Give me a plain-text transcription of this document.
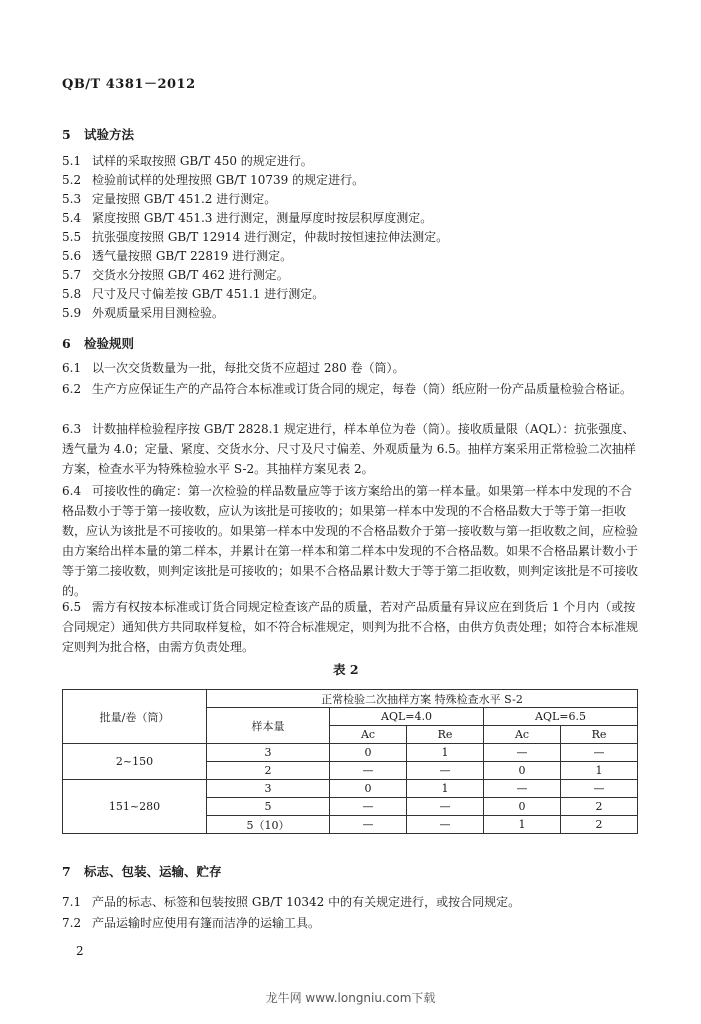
QB/T 4381－2012
5 试验方法
5.1 试样的采取按照 GB/T 450 的规定进行。
5.2 检验前试样的处理按照 GB/T 10739 的规定进行。
5.3 定量按照 GB/T 451.2 进行测定。
5.4 紧度按照 GB/T 451.3 进行测定，测量厚度时按层积厚度测定。
5.5 抗张强度按照 GB/T 12914 进行测定，仲裁时按恒速拉伸法测定。
5.6 透气量按照 GB/T 22819 进行测定。
5.7 交货水分按照 GB/T 462 进行测定。
5.8 尺寸及尺寸偏差按 GB/T 451.1 进行测定。
5.9 外观质量采用目测检验。
6 检验规则
6.1 以一次交货数量为一批，每批交货不应超过 280 卷（筒）。
6.2 生产方应保证生产的产品符合本标准或订货合同的规定，每卷（筒）纸应附一份产品质量检验合格证。
6.3 计数抽样检验程序按 GB/T 2828.1 规定进行，样本单位为卷（筒）。接收质量限（AQL）：抗张强度、透气量为 4.0；定量、紧度、交货水分、尺寸及尺寸偏差、外观质量为 6.5。抽样方案采用正常检验二次抽样方案，检查水平为特殊检验水平 S-2。其抽样方案见表 2。
6.4 可接收性的确定：第一次检验的样品数量应等于该方案给出的第一样本量。如果第一样本中发现的不合格品数小于等于第一接收数，应认为该批是可接收的；如果第一样本中发现的不合格品数大于等于第一拒收数，应认为该批是不可接收的。如果第一样本中发现的不合格品数介于第一接收数与第一拒收数之间，应检验由方案给出样本量的第二样本，并累计在第一样本和第二样本中发现的不合格品数。如果不合格品累计数小于等于第二接收数，则判定该批是可接收的；如果不合格品累计数大于等于第二拒收数，则判定该批是不可接收的。
6.5 需方有权按本标准或订货合同规定检查该产品的质量，若对产品质量有异议应在到货后 1 个月内（或按合同规定）通知供方共同取样复检，如不符合标准规定，则判为批不合格，由供方负责处理；如符合本标准规定则判为批合格，由需方负责处理。
表 2
批量/卷（筒）	正常检验二次抽样方案 特殊检查水平 S-2				
	样本量	AQL=4.0		AQL=6.5	
		Ac	Re	Ac	Re
2~150	3	0	1	—	—
	2	—	—	0	1
151~280	3	0	1	—	—
	5	—	—	0	2
	5（10）	—	—	1	2
7 标志、包装、运输、贮存
7.1 产品的标志、标签和包装按照 GB/T 10342 中的有关规定进行，或按合同规定。
7.2 产品运输时应使用有篷而洁净的运输工具。
2
龙牛网 www.longniu.com下载
